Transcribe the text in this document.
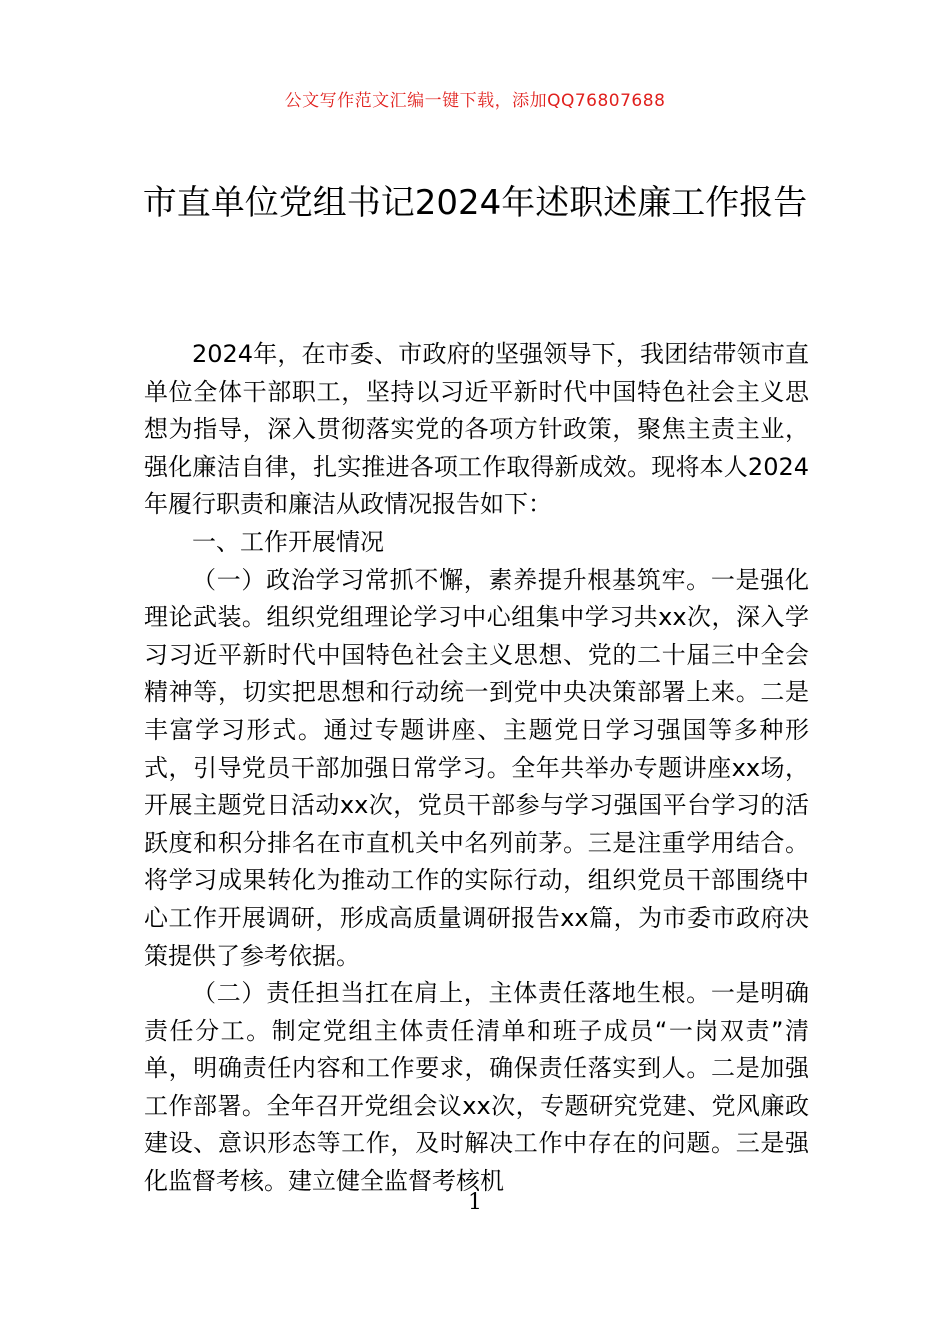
公文写作范文汇编一键下载，添加QQ76807688
市直单位党组书记2024年述职述廉工作报告

2024年，在市委、市政府的坚强领导下，我团结带领市直单位全体干部职工，坚持以习近平新时代中国特色社会主义思想为指导，深入贯彻落实党的各项方针政策，聚焦主责主业，强化廉洁自律，扎实推进各项工作取得新成效。现将本人2024年履行职责和廉洁从政情况报告如下：

一、工作开展情况

（一）政治学习常抓不懈，素养提升根基筑牢。一是强化理论武装。组织党组理论学习中心组集中学习共xx次，深入学习习近平新时代中国特色社会主义思想、党的二十届三中全会精神等，切实把思想和行动统一到党中央决策部署上来。二是丰富学习形式。通过专题讲座、主题党日学习强国等多种形式，引导党员干部加强日常学习。全年共举办专题讲座xx场，开展主题党日活动xx次，党员干部参与学习强国平台学习的活跃度和积分排名在市直机关中名列前茅。三是注重学用结合。将学习成果转化为推动工作的实际行动，组织党员干部围绕中心工作开展调研，形成高质量调研报告xx篇，为市委市政府决策提供了参考依据。

（二）责任担当扛在肩上，主体责任落地生根。一是明确责任分工。制定党组主体责任清单和班子成员“一岗双责”清单，明确责任内容和工作要求，确保责任落实到人。二是加强工作部署。全年召开党组会议xx次，专题研究党建、党风廉政建设、意识形态等工作，及时解决工作中存在的问题。三是强化监督考核。建立健全监督考核机

1
